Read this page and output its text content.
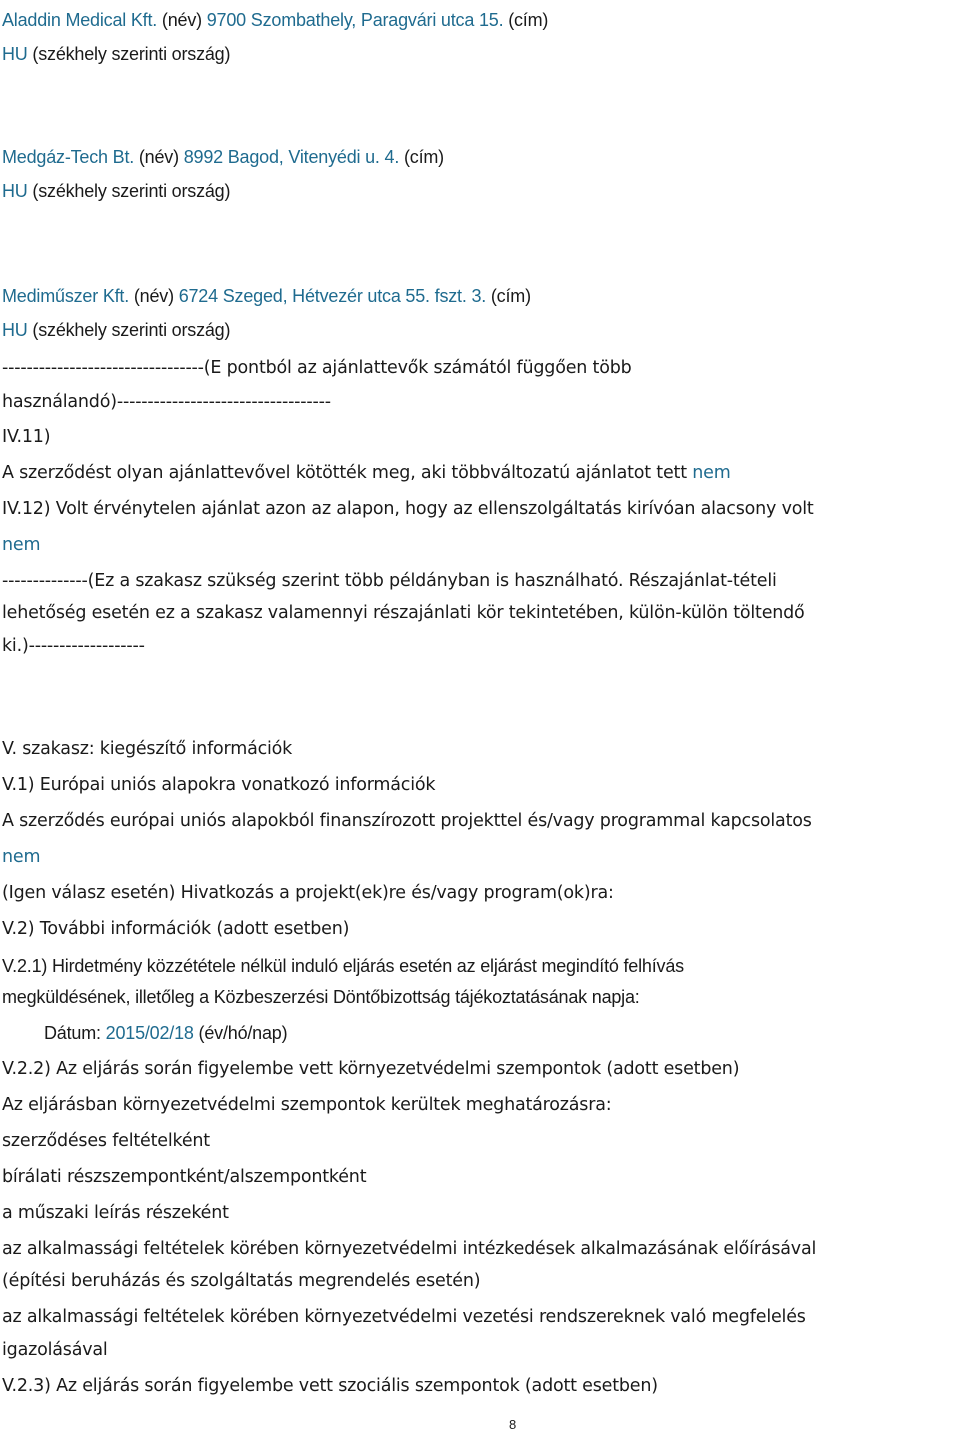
Aladdin Medical Kft. (név) 9700 Szombathely, Paragvári utca 15. (cím)
HU (székhely szerinti ország)
Medgáz-Tech Bt. (név) 8992 Bagod, Vitenyédi u. 4. (cím)
HU (székhely szerinti ország)
Mediműszer Kft. (név) 6724 Szeged, Hétvezér utca 55. fszt. 3. (cím)
HU (székhely szerinti ország)
---------------------------------(E pontból az ajánlattevők számától függően több
használandó)-----------------------------------
IV.11)
A szerződést olyan ajánlattevővel kötötték meg, aki többváltozatú ajánlatot tett nem
IV.12) Volt érvénytelen ajánlat azon az alapon, hogy az ellenszolgáltatás kirívóan alacsony volt
nem
--------------(Ez a szakasz szükség szerint több példányban is használható. Részajánlat-tételi
lehetőség esetén ez a szakasz valamennyi részajánlati kör tekintetében, külön-külön töltendő
ki.)-------------------
V. szakasz: kiegészítő információk
V.1) Európai uniós alapokra vonatkozó információk
A szerződés európai uniós alapokból finanszírozott projekttel és/vagy programmal kapcsolatos
nem
(Igen válasz esetén) Hivatkozás a projekt(ek)re és/vagy program(ok)ra:
V.2) További információk (adott esetben)
V.2.1) Hirdetmény közzététele nélkül induló eljárás esetén az eljárást megindító felhívás
megküldésének, illetőleg a Közbeszerzési Döntőbizottság tájékoztatásának napja:
Dátum: 2015/02/18 (év/hó/nap)
V.2.2) Az eljárás során figyelembe vett környezetvédelmi szempontok (adott esetben)
Az eljárásban környezetvédelmi szempontok kerültek meghatározásra:
szerződéses feltételként
bírálati részszempontként/alszempontként
a műszaki leírás részeként
az alkalmassági feltételek körében környezetvédelmi intézkedések alkalmazásának előírásával
(építési beruházás és szolgáltatás megrendelés esetén)
az alkalmassági feltételek körében környezetvédelmi vezetési rendszereknek való megfelelés
igazolásával
V.2.3) Az eljárás során figyelembe vett szociális szempontok (adott esetben)
8
